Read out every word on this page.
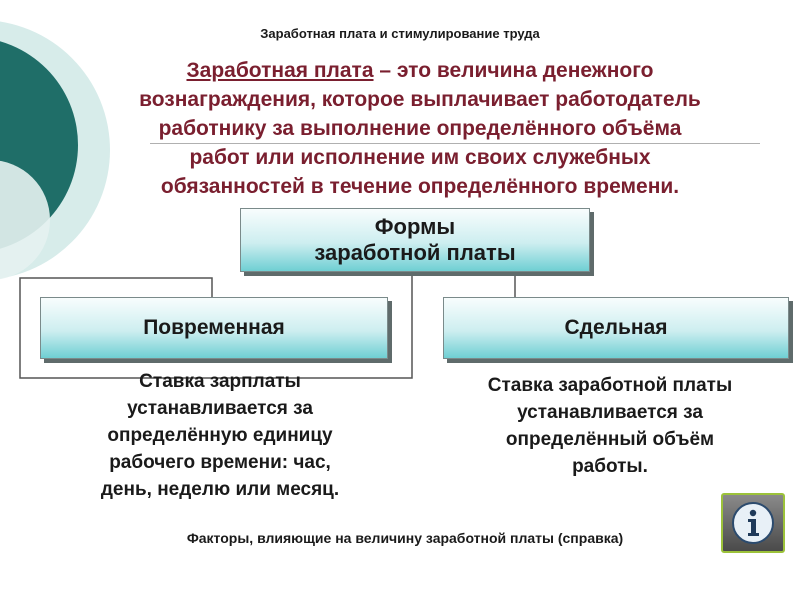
Заработная плата и стимулирование труда
Заработная плата – это величина денежного
вознаграждения, которое выплачивает работодатель
работнику за выполнение определённого объёма
работ или исполнение им своих служебных
обязанностей в течение определённого времени.
Формы
заработной платы
Повременная	Сдельная
Ставка зарплаты
устанавливается за
определённую единицу
рабочего времени: час,
день, неделю или месяц.
Ставка заработной платы
устанавливается за
определённый объём
работы.
Факторы, влияющие на величину заработной платы (справка)
